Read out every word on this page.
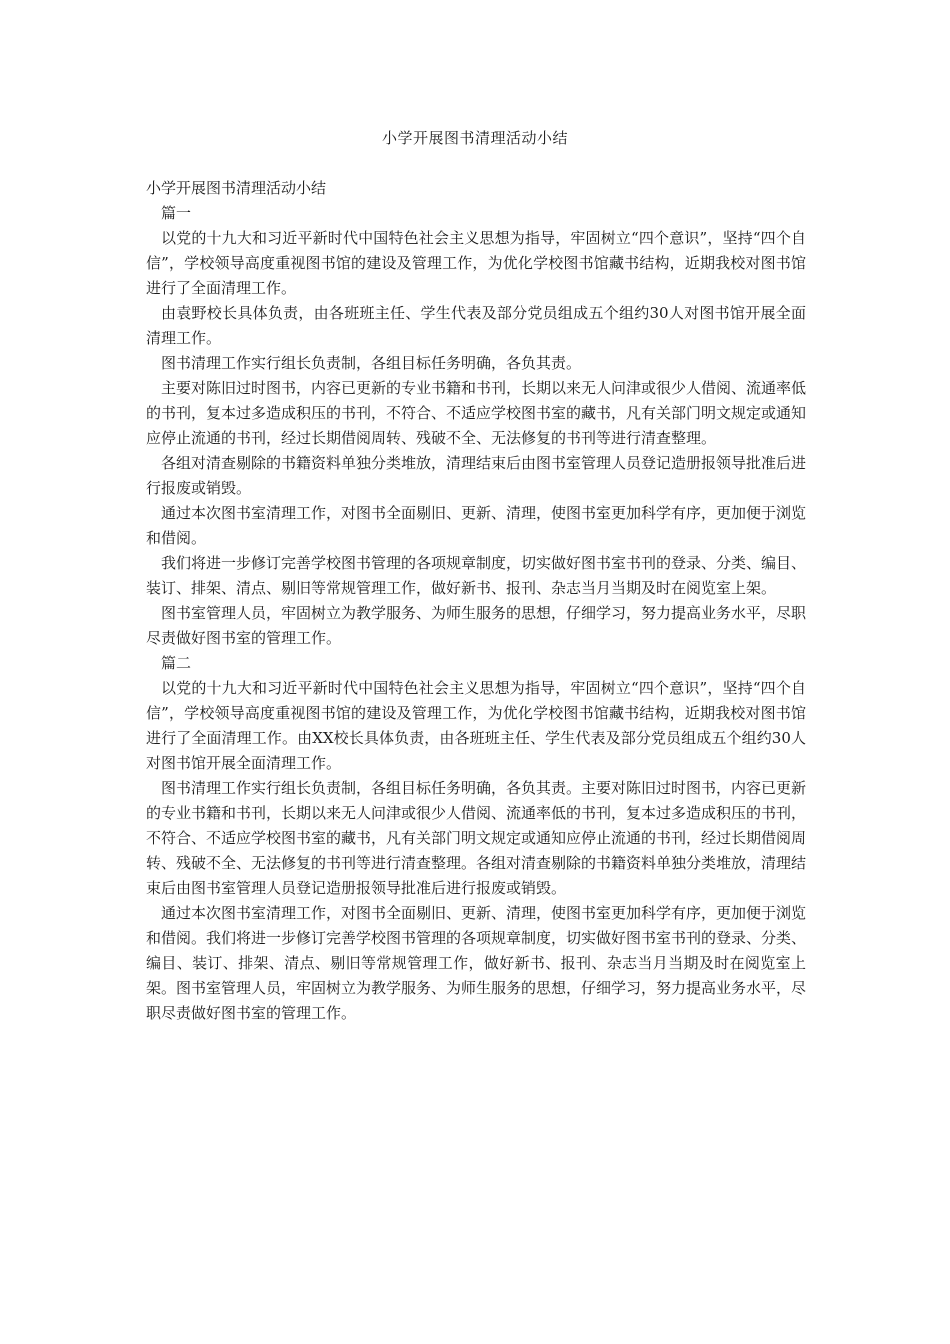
小学开展图书清理活动小结

小学开展图书清理活动小结

篇一

以党的十九大和习近平新时代中国特色社会主义思想为指导，牢固树立“四个意识”，坚持“四个自信”，学校领导高度重视图书馆的建设及管理工作，为优化学校图书馆藏书结构，近期我校对图书馆进行了全面清理工作。

由袁野校长具体负责，由各班班主任、学生代表及部分党员组成五个组约30人对图书馆开展全面清理工作。

图书清理工作实行组长负责制，各组目标任务明确，各负其责。

主要对陈旧过时图书，内容已更新的专业书籍和书刊，长期以来无人问津或很少人借阅、流通率低的书刊，复本过多造成积压的书刊，不符合、不适应学校图书室的藏书，凡有关部门明文规定或通知应停止流通的书刊，经过长期借阅周转、残破不全、无法修复的书刊等进行清查整理。

各组对清查剔除的书籍资料单独分类堆放，清理结束后由图书室管理人员登记造册报领导批准后进行报废或销毁。

通过本次图书室清理工作，对图书全面剔旧、更新、清理，使图书室更加科学有序，更加便于浏览和借阅。

我们将进一步修订完善学校图书管理的各项规章制度，切实做好图书室书刊的登录、分类、编目、装订、排架、清点、剔旧等常规管理工作，做好新书、报刊、杂志当月当期及时在阅览室上架。

图书室管理人员，牢固树立为教学服务、为师生服务的思想，仔细学习，努力提高业务水平，尽职尽责做好图书室的管理工作。

篇二

以党的十九大和习近平新时代中国特色社会主义思想为指导，牢固树立“四个意识”，坚持“四个自信”，学校领导高度重视图书馆的建设及管理工作，为优化学校图书馆藏书结构，近期我校对图书馆进行了全面清理工作。由XX校长具体负责，由各班班主任、学生代表及部分党员组成五个组约30人对图书馆开展全面清理工作。

图书清理工作实行组长负责制，各组目标任务明确，各负其责。主要对陈旧过时图书，内容已更新的专业书籍和书刊，长期以来无人问津或很少人借阅、流通率低的书刊，复本过多造成积压的书刊，不符合、不适应学校图书室的藏书，凡有关部门明文规定或通知应停止流通的书刊，经过长期借阅周转、残破不全、无法修复的书刊等进行清查整理。各组对清查剔除的书籍资料单独分类堆放，清理结束后由图书室管理人员登记造册报领导批准后进行报废或销毁。

通过本次图书室清理工作，对图书全面剔旧、更新、清理，使图书室更加科学有序，更加便于浏览和借阅。我们将进一步修订完善学校图书管理的各项规章制度，切实做好图书室书刊的登录、分类、编目、装订、排架、清点、剔旧等常规管理工作，做好新书、报刊、杂志当月当期及时在阅览室上架。图书室管理人员，牢固树立为教学服务、为师生服务的思想，仔细学习，努力提高业务水平，尽职尽责做好图书室的管理工作。
